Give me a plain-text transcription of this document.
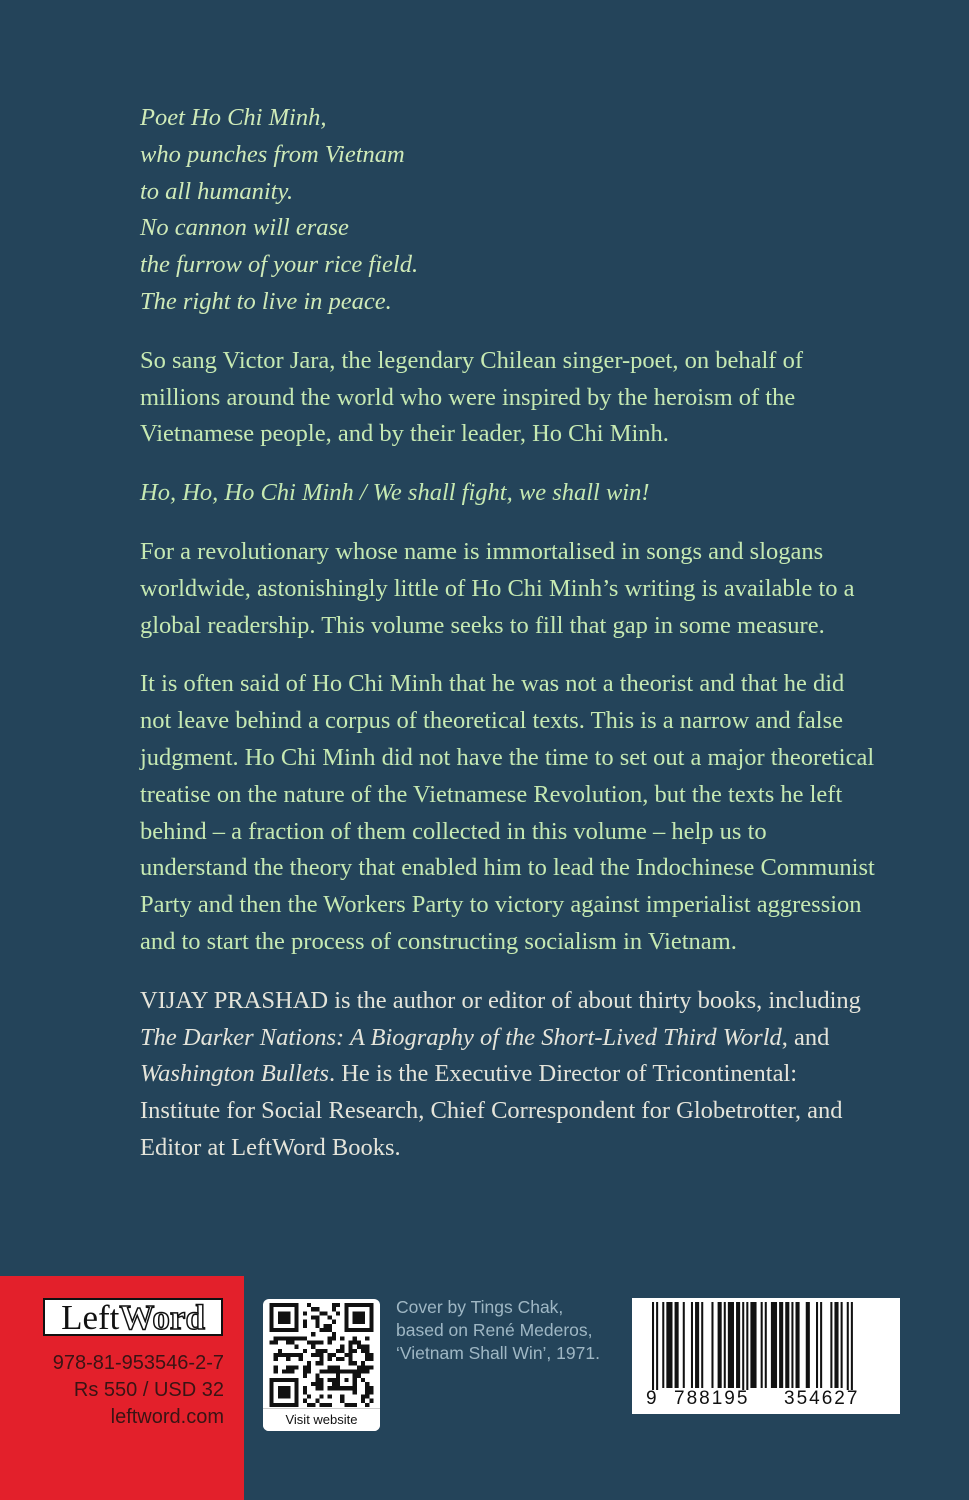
Poet Ho Chi Minh,
who punches from Vietnam
to all humanity.
No cannon will erase
the furrow of your rice field.
The right to live in peace.

So sang Victor Jara, the legendary Chilean singer-poet, on behalf of millions around the world who were inspired by the heroism of the Vietnamese people, and by their leader, Ho Chi Minh.

Ho, Ho, Ho Chi Minh / We shall fight, we shall win!

For a revolutionary whose name is immortalised in songs and slogans worldwide, astonishingly little of Ho Chi Minh’s writing is available to a global readership. This volume seeks to fill that gap in some measure.

It is often said of Ho Chi Minh that he was not a theorist and that he did not leave behind a corpus of theoretical texts. This is a narrow and false judgment. Ho Chi Minh did not have the time to set out a major theoretical treatise on the nature of the Vietnamese Revolution, but the texts he left behind – a fraction of them collected in this volume – help us to understand the theory that enabled him to lead the Indochinese Communist Party and then the Workers Party to victory against imperialist aggression and to start the process of constructing socialism in Vietnam.

VIJAY PRASHAD is the author or editor of about thirty books, including The Darker Nations: A Biography of the Short-Lived Third World, and Washington Bullets. He is the Executive Director of Tricontinental: Institute for Social Research, Chief Correspondent for Globetrotter, and Editor at LeftWord Books.

Left Word
978-81-953546-2-7
Rs 550 / USD 32
leftword.com	Visit website
Cover by Tings Chak,
based on René Mederos,
‘Vietnam Shall Win’, 1971.
9 788195 354627
